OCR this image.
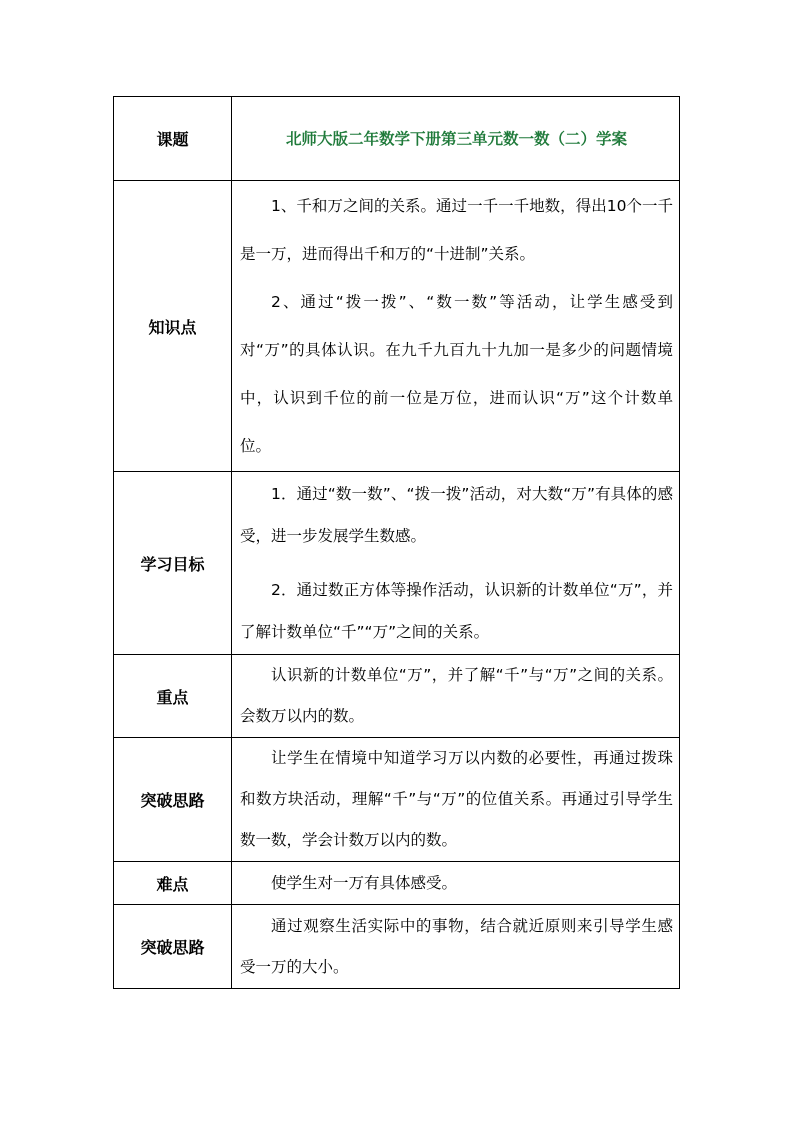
课题	北师大版二年数学下册第三单元数一数（二）学案
知识点	1、千和万之间的关系。通过一千一千地数，得出10个一千是一万，进而得出千和万的“十进制”关系。

2、通过“拨一拨”、“数一数”等活动，让学生感受到对“万”的具体认识。在九千九百九十九加一是多少的问题情境中，认识到千位的前一位是万位，进而认识“万”这个计数单位。

学习目标	1．通过“数一数”、“拨一拨”活动，对大数“万”有具体的感受，进一步发展学生数感。

2．通过数正方体等操作活动，认识新的计数单位“万”，并了解计数单位“千”“万”之间的关系。

重点	认识新的计数单位“万”，并了解“千”与“万”之间的关系。会数万以内的数。

突破思路	让学生在情境中知道学习万以内数的必要性，再通过拨珠和数方块活动，理解“千”与“万”的位值关系。再通过引导学生数一数，学会计数万以内的数。

难点	使学生对一万有具体感受。

突破思路	通过观察生活实际中的事物，结合就近原则来引导学生感受一万的大小。
